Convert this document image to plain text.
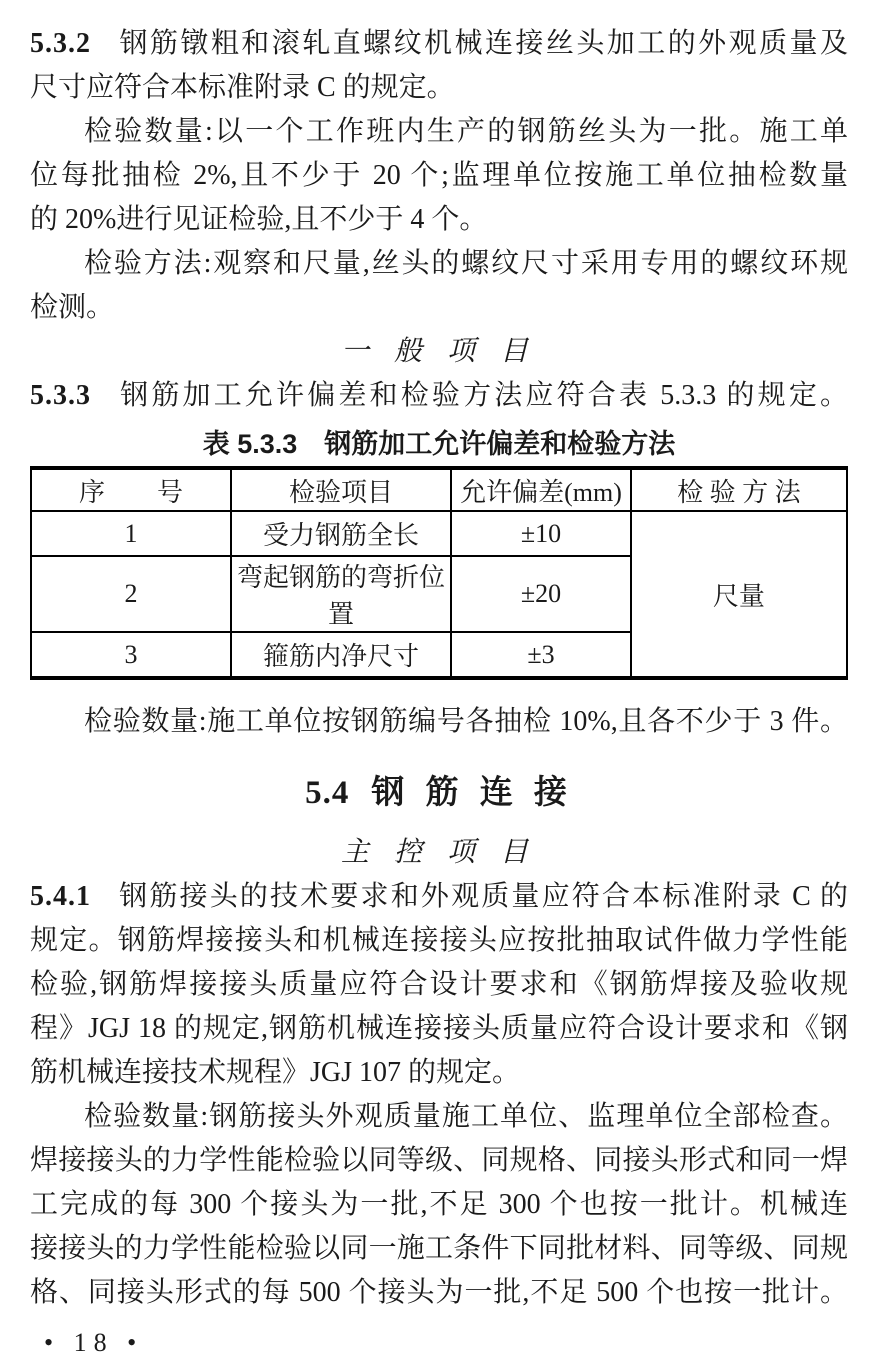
5.3.2 钢筋镦粗和滚轧直螺纹机械连接丝头加工的外观质量及
尺寸应符合本标准附录 C 的规定。
检验数量:以一个工作班内生产的钢筋丝头为一批。施工单
位每批抽检 2%,且不少于 20 个;监理单位按施工单位抽检数量
的 20%进行见证检验,且不少于 4 个。
检验方法:观察和尺量,丝头的螺纹尺寸采用专用的螺纹环规
检测。
一 般 项 目
5.3.3 钢筋加工允许偏差和检验方法应符合表 5.3.3 的规定。
表 5.3.3　钢筋加工允许偏差和检验方法
序　　号	检验项目	允许偏差(mm)	检 验 方 法
1	受力钢筋全长	±10	尺量
2	弯起钢筋的弯折位置	±20	
3	箍筋内净尺寸	±3	
检验数量:施工单位按钢筋编号各抽检 10%,且各不少于 3 件。
5.4 钢 筋 连 接
主 控 项 目
5.4.1 钢筋接头的技术要求和外观质量应符合本标准附录 C 的
规定。钢筋焊接接头和机械连接接头应按批抽取试件做力学性能
检验,钢筋焊接接头质量应符合设计要求和《钢筋焊接及验收规
程》JGJ 18 的规定,钢筋机械连接接头质量应符合设计要求和《钢
筋机械连接技术规程》JGJ 107 的规定。
检验数量:钢筋接头外观质量施工单位、监理单位全部检查。
焊接接头的力学性能检验以同等级、同规格、同接头形式和同一焊
工完成的每 300 个接头为一批,不足 300 个也按一批计。机械连
接接头的力学性能检验以同一施工条件下同批材料、同等级、同规
格、同接头形式的每 500 个接头为一批,不足 500 个也按一批计。
• 18 •
